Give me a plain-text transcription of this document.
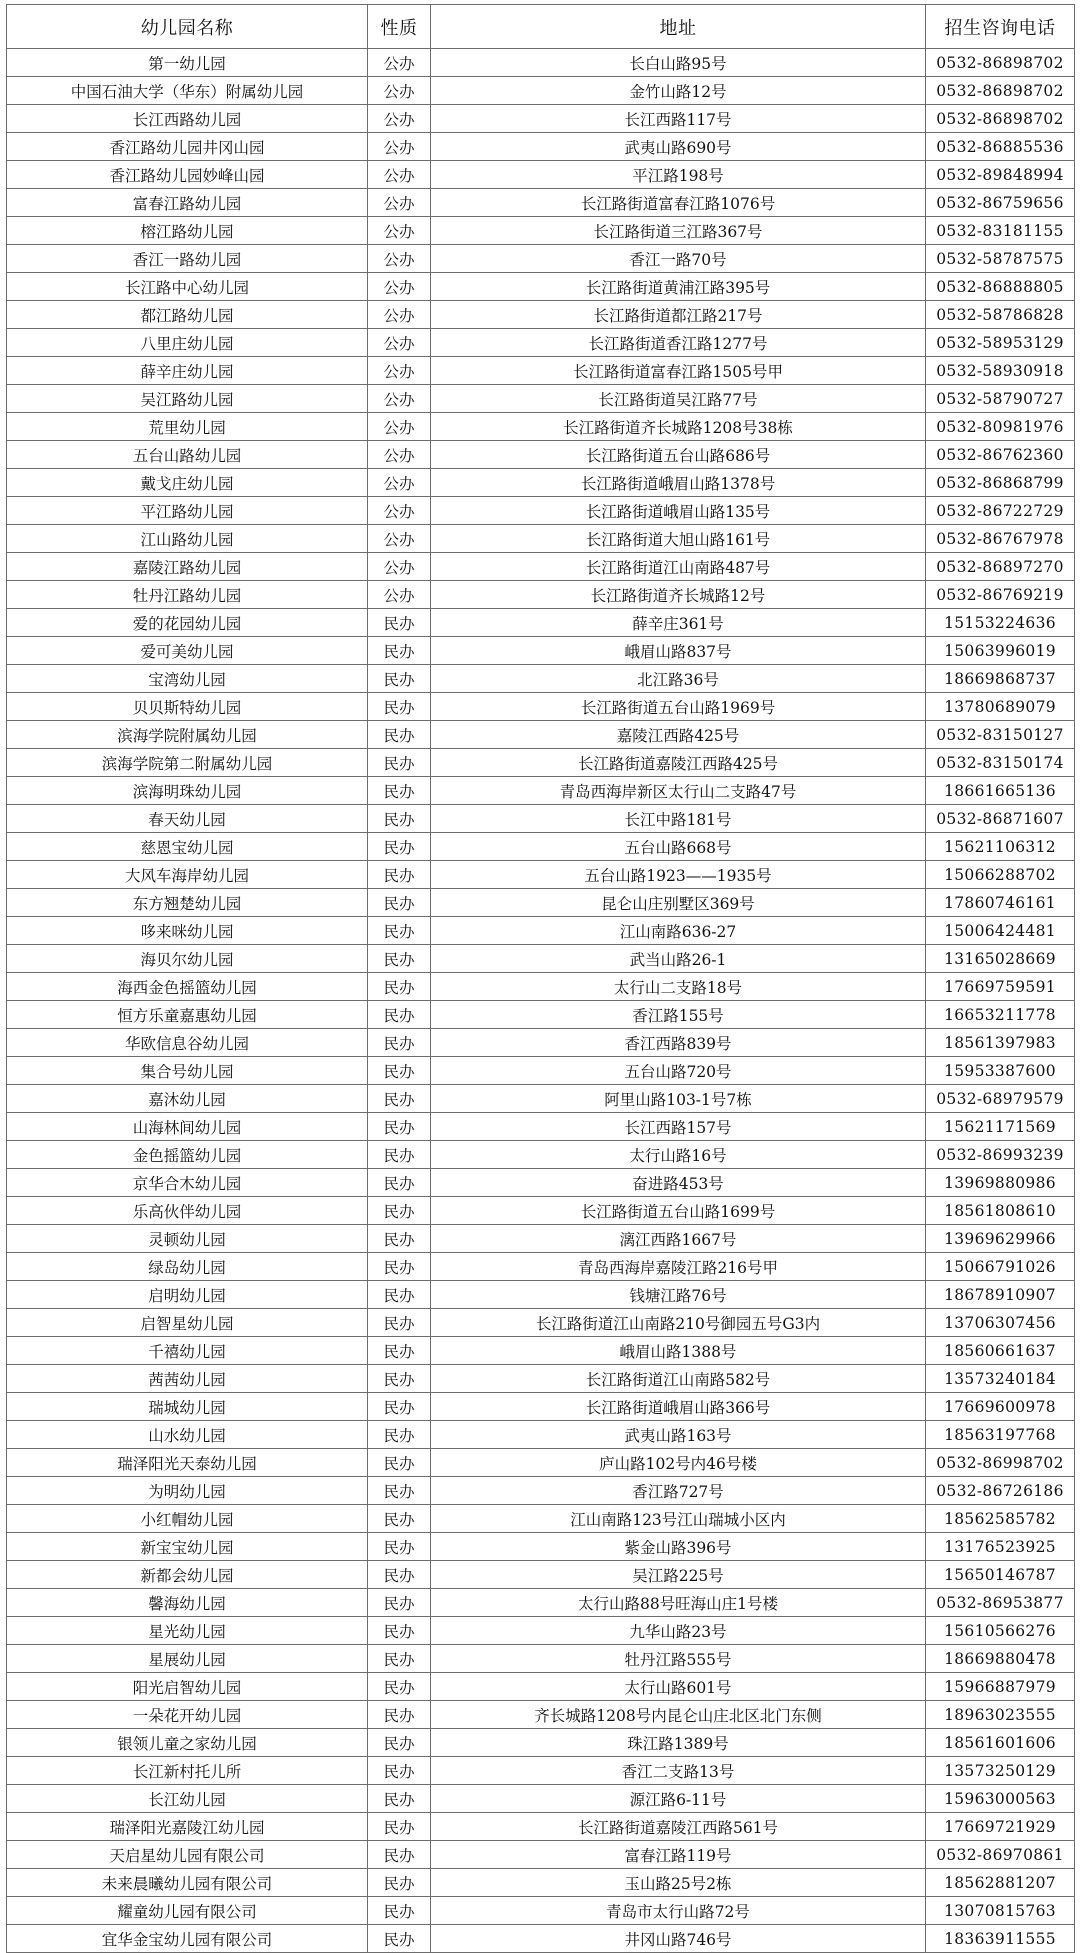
幼儿园名称	性质	地址	招生咨询电话
第一幼儿园	公办	长白山路95号	0532-86898702
中国石油大学（华东）附属幼儿园	公办	金竹山路12号	0532-86898702
长江西路幼儿园	公办	长江西路117号	0532-86898702
香江路幼儿园井冈山园	公办	武夷山路690号	0532-86885536
香江路幼儿园妙峰山园	公办	平江路198号	0532-89848994
富春江路幼儿园	公办	长江路街道富春江路1076号	0532-86759656
榕江路幼儿园	公办	长江路街道三江路367号	0532-83181155
香江一路幼儿园	公办	香江一路70号	0532-58787575
长江路中心幼儿园	公办	长江路街道黄浦江路395号	0532-86888805
都江路幼儿园	公办	长江路街道都江路217号	0532-58786828
八里庄幼儿园	公办	长江路街道香江路1277号	0532-58953129
薛辛庄幼儿园	公办	长江路街道富春江路1505号甲	0532-58930918
吴江路幼儿园	公办	长江路街道吴江路77号	0532-58790727
荒里幼儿园	公办	长江路街道齐长城路1208号38栋	0532-80981976
五台山路幼儿园	公办	长江路街道五台山路686号	0532-86762360
戴戈庄幼儿园	公办	长江路街道峨眉山路1378号	0532-86868799
平江路幼儿园	公办	长江路街道峨眉山路135号	0532-86722729
江山路幼儿园	公办	长江路街道大旭山路161号	0532-86767978
嘉陵江路幼儿园	公办	长江路街道江山南路487号	0532-86897270
牡丹江路幼儿园	公办	长江路街道齐长城路12号	0532-86769219
爱的花园幼儿园	民办	薛辛庄361号	15153224636
爱可美幼儿园	民办	峨眉山路837号	15063996019
宝湾幼儿园	民办	北江路36号	18669868737
贝贝斯特幼儿园	民办	长江路街道五台山路1969号	13780689079
滨海学院附属幼儿园	民办	嘉陵江西路425号	0532-83150127
滨海学院第二附属幼儿园	民办	长江路街道嘉陵江西路425号	0532-83150174
滨海明珠幼儿园	民办	青岛西海岸新区太行山二支路47号	18661665136
春天幼儿园	民办	长江中路181号	0532-86871607
慈恩宝幼儿园	民办	五台山路668号	15621106312
大风车海岸幼儿园	民办	五台山路1923——1935号	15066288702
东方翘楚幼儿园	民办	昆仑山庄别墅区369号	17860746161
哆来咪幼儿园	民办	江山南路636-27	15006424481
海贝尔幼儿园	民办	武当山路26-1	13165028669
海西金色摇篮幼儿园	民办	太行山二支路18号	17669759591
恒方乐童嘉惠幼儿园	民办	香江路155号	16653211778
华欧信息谷幼儿园	民办	香江西路839号	18561397983
集合号幼儿园	民办	五台山路720号	15953387600
嘉沐幼儿园	民办	阿里山路103-1号7栋	0532-68979579
山海林间幼儿园	民办	长江西路157号	15621171569
金色摇篮幼儿园	民办	太行山路16号	0532-86993239
京华合木幼儿园	民办	奋进路453号	13969880986
乐高伙伴幼儿园	民办	长江路街道五台山路1699号	18561808610
灵顿幼儿园	民办	漓江西路1667号	13969629966
绿岛幼儿园	民办	青岛西海岸嘉陵江路216号甲	15066791026
启明幼儿园	民办	钱塘江路76号	18678910907
启智星幼儿园	民办	长江路街道江山南路210号御园五号G3内	13706307456
千禧幼儿园	民办	峨眉山路1388号	18560661637
茜茜幼儿园	民办	长江路街道江山南路582号	13573240184
瑞城幼儿园	民办	长江路街道峨眉山路366号	17669600978
山水幼儿园	民办	武夷山路163号	18563197768
瑞泽阳光天泰幼儿园	民办	庐山路102号内46号楼	0532-86998702
为明幼儿园	民办	香江路727号	0532-86726186
小红帽幼儿园	民办	江山南路123号江山瑞城小区内	18562585782
新宝宝幼儿园	民办	紫金山路396号	13176523925
新都会幼儿园	民办	吴江路225号	15650146787
馨海幼儿园	民办	太行山路88号旺海山庄1号楼	0532-86953877
星光幼儿园	民办	九华山路23号	15610566276
星展幼儿园	民办	牡丹江路555号	18669880478
阳光启智幼儿园	民办	太行山路601号	15966887979
一朵花开幼儿园	民办	齐长城路1208号内昆仑山庄北区北门东侧	18963023555
银领儿童之家幼儿园	民办	珠江路1389号	18561601606
长江新村托儿所	民办	香江二支路13号	13573250129
长江幼儿园	民办	源江路6-11号	15963000563
瑞泽阳光嘉陵江幼儿园	民办	长江路街道嘉陵江西路561号	17669721929
天启星幼儿园有限公司	民办	富春江路119号	0532-86970861
未来晨曦幼儿园有限公司	民办	玉山路25号2栋	18562881207
耀童幼儿园有限公司	民办	青岛市太行山路72号	13070815763
宜华金宝幼儿园有限公司	民办	井冈山路746号	18363911555
